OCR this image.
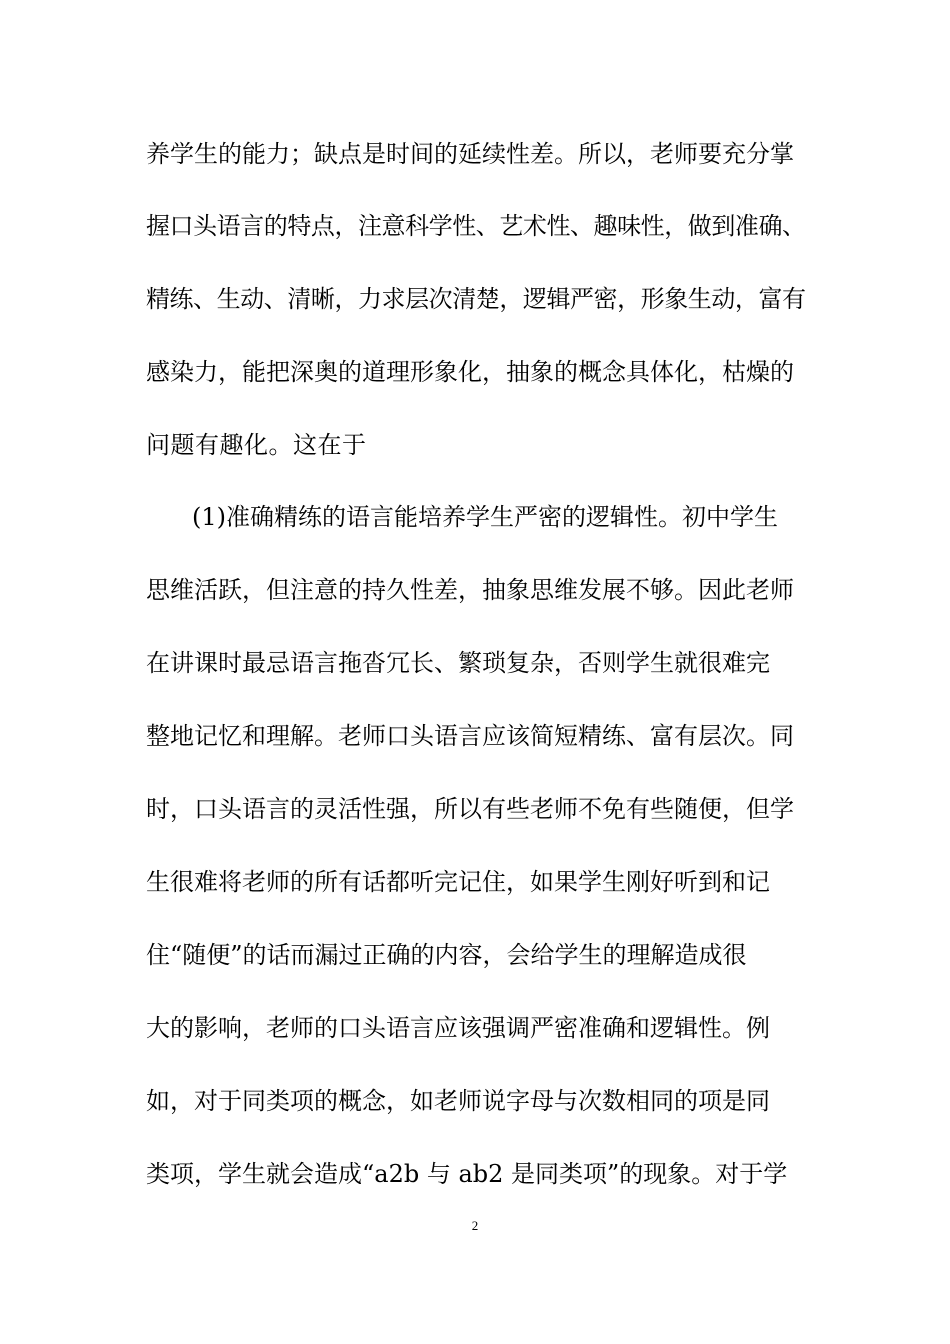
养学生的能力；缺点是时间的延续性差。所以，老师要充分掌
握口头语言的特点，注意科学性、艺术性、趣味性，做到准确、
精练、生动、清晰，力求层次清楚，逻辑严密，形象生动，富有
感染力，能把深奥的道理形象化，抽象的概念具体化，枯燥的
问题有趣化。这在于
(1)准确精练的语言能培养学生严密的逻辑性。初中学生
思维活跃，但注意的持久性差，抽象思维发展不够。因此老师
在讲课时最忌语言拖沓冗长、繁琐复杂，否则学生就很难完
整地记忆和理解。老师口头语言应该简短精练、富有层次。同
时，口头语言的灵活性强，所以有些老师不免有些随便，但学
生很难将老师的所有话都听完记住，如果学生刚好听到和记
住“随便”的话而漏过正确的内容，会给学生的理解造成很
大的影响，老师的口头语言应该强调严密准确和逻辑性。例
如，对于同类项的概念，如老师说字母与次数相同的项是同
类项，学生就会造成“a2b 与 ab2 是同类项”的现象。对于学
2
